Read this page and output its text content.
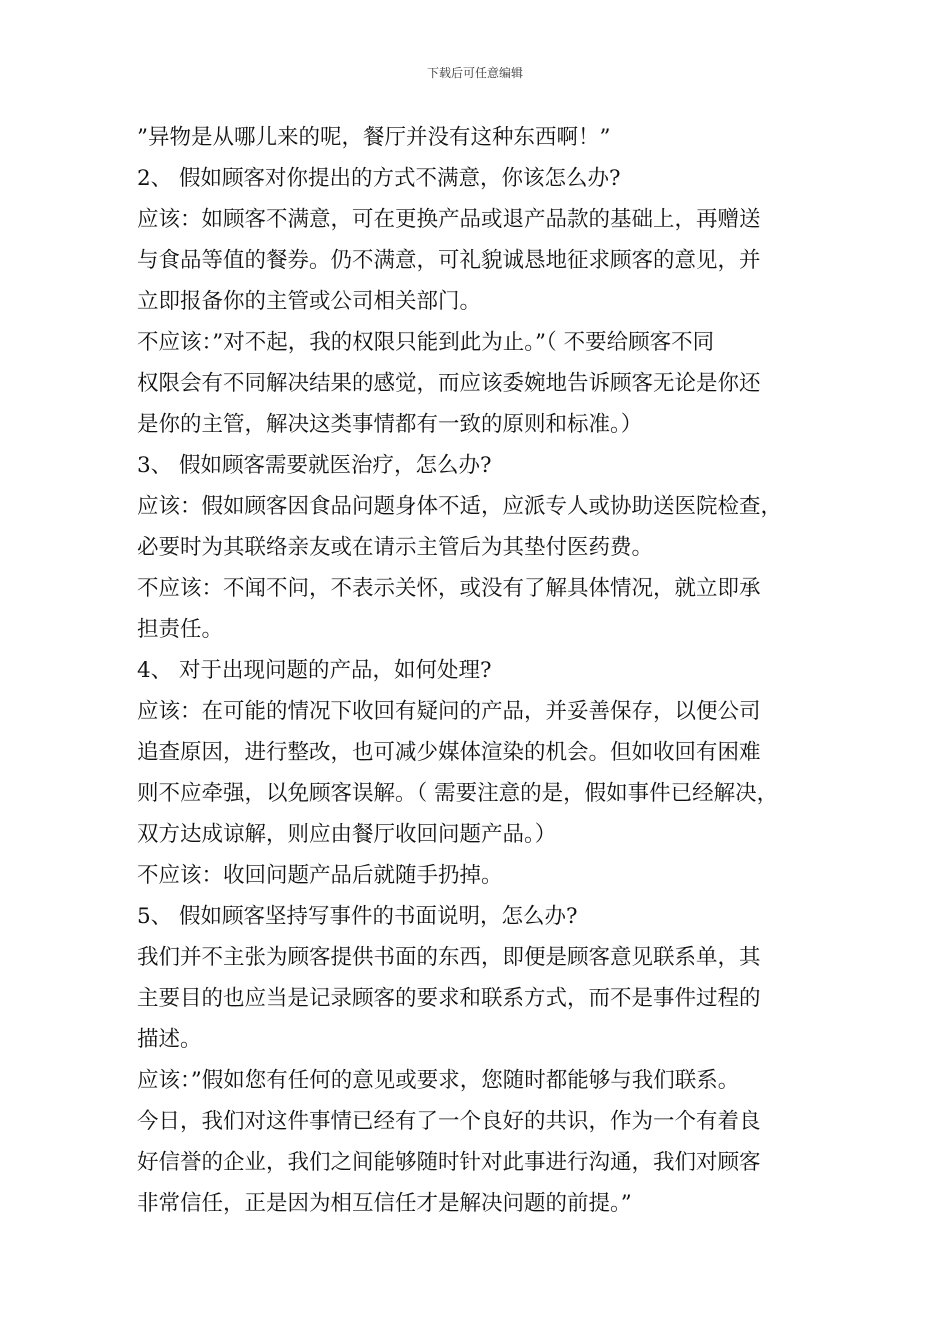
下载后可任意编辑
”异物是从哪儿来的呢，餐厅并没有这种东西啊！”
2、 假如顾客对你提出的方式不满意，你该怎么办?
应该：如顾客不满意，可在更换产品或退产品款的基础上，再赠送
与食品等值的餐券。仍不满意，可礼貌诚恳地征求顾客的意见，并
立即报备你的主管或公司相关部门。
不应该：”对不起，我的权限只能到此为止。”（ 不要给顾客不同
权限会有不同解决结果的感觉，而应该委婉地告诉顾客无论是你还
是你的主管，解决这类事情都有一致的原则和标准。）
3、 假如顾客需要就医治疗，怎么办?
应该：假如顾客因食品问题身体不适，应派专人或协助送医院检查，
必要时为其联络亲友或在请示主管后为其垫付医药费。
不应该：不闻不问，不表示关怀，或没有了解具体情况，就立即承
担责任。
4、 对于出现问题的产品，如何处理?
应该：在可能的情况下收回有疑问的产品，并妥善保存，以便公司
追查原因，进行整改，也可减少媒体渲染的机会。但如收回有困难
则不应牵强，以免顾客误解。（ 需要注意的是，假如事件已经解决，
双方达成谅解，则应由餐厅收回问题产品。）
不应该：收回问题产品后就随手扔掉。
5、 假如顾客坚持写事件的书面说明，怎么办?
我们并不主张为顾客提供书面的东西，即便是顾客意见联系单，其
主要目的也应当是记录顾客的要求和联系方式，而不是事件过程的
描述。
应该：”假如您有任何的意见或要求，您随时都能够与我们联系。
今日，我们对这件事情已经有了一个良好的共识，作为一个有着良
好信誉的企业，我们之间能够随时针对此事进行沟通，我们对顾客
非常信任，正是因为相互信任才是解决问题的前提。”
